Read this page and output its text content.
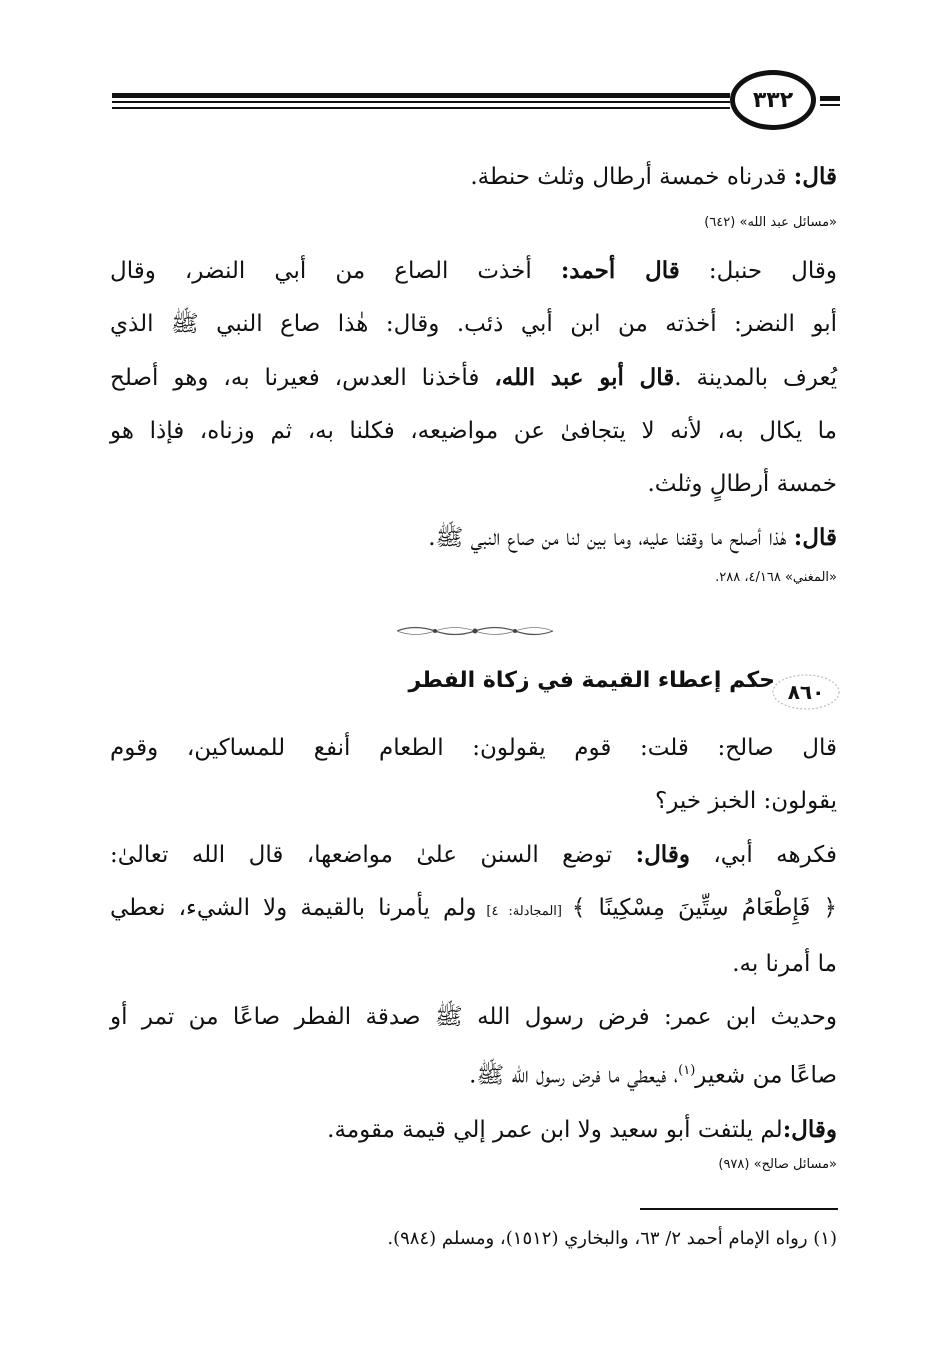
٣٣٢
قال: قدرناه خمسة أرطال وثلث حنطة.
«مسائل عبد الله» (٦٤٢)
وقال حنبل: قال أحمد: أخذت الصاع من أبي النضر، وقال
أبو النضر: أخذته من ابن أبي ذئب. وقال: هٰذا صاع النبي ﷺ الذي
يُعرف بالمدينة .قال أبو عبد الله، فأخذنا العدس، فعيرنا به، وهو أصلح
ما يكال به، لأنه لا يتجافىٰ عن مواضيعه، فكلنا به، ثم وزناه، فإذا هو
خمسة أرطالٍ وثلث.
قال: هٰذا أصلح ما وقفنا عليه، وما بين لنا من صاع النبي ﷺ.
«المغني» ٤/١٦٨، ٢٨٨.
٨٦٠
حكم إعطاء القيمة في زكاة الفطر
قال صالح: قلت: قوم يقولون: الطعام أنفع للمساكين، وقوم
يقولون: الخبز خير؟
فكرهه أبي، وقال: توضع السنن علىٰ مواضعها، قال الله تعالىٰ:
﴿ فَإِطْعَامُ سِتِّينَ مِسْكِينًا ﴾ [المجادلة: ٤] ولم يأمرنا بالقيمة ولا الشيء، نعطي
ما أمرنا به.
وحديث ابن عمر: فرض رسول الله ﷺ صدقة الفطر صاعًا من تمر أو
صاعًا من شعير$^{(١)}$، فيعطي ما فرض رسول الله ﷺ.
وقال:لم يلتفت أبو سعيد ولا ابن عمر إلي قيمة مقومة.
«مسائل صالح» (٩٧٨)
(١) رواه الإمام أحمد ٢/ ٦٣، والبخاري (١٥١٢)، ومسلم (٩٨٤).
